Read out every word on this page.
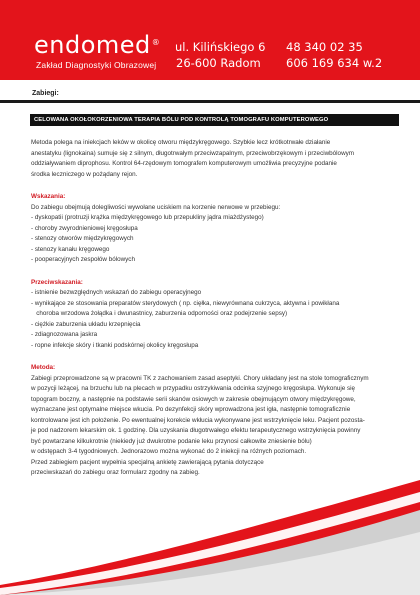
endomed®
Zakład Diagnostyki Obrazowej
ul. Kilińskiego 6
26-600 Radom
48 340 02 35
606 169 634 w.2
Zabiegi:
CELOWANA OKOŁOKORZENIOWA TERAPIA BÓLU POD KONTROLĄ TOMOGRAFU KOMPUTEROWEGO

Metoda polega na iniekcjach leków w okolicę otworu międzykręgowego. Szybkie lecz krótkotrwałe działanie

anestatyku (lignokaina) sumuje się z silnym, długotrwałym przeciwzapalnym, przeciwobrzękowym i przeciwbólowym

oddziaływaniem diprophosu. Kontrol 64-rzędowym tomografem komputerowym umożliwia precyzyjne podanie

środka leczniczego w pożądany rejon.

Wskazania:

Do zabiegu obejmują dolegliwości wywołane uciskiem na korzenie nerwowe w przebiegu:

- dyskopatii (protruzji krążka międzykręgowego lub przepukliny jądra miażdżystego)
- choroby zwyrodnieniowej kręgosłupa
- stenozy otworów międzykręgowych
- stenozy kanału kręgowego
- pooperacyjnych zespołów bólowych

Przeciwskazania:

- istnienie bezwzględnych wskazań do zabiegu operacyjnego
- wynikające ze stosowania preparatów sterydowych ( np. cięłka, niewyrównana cukrzyca, aktywna i powikłana
choroba wrzodowa żołądka i dwunastnicy, zaburzenia odporności oraz podejrzenie sepsy)
- ciężkie zaburzenia układu krzepnięcia
- zdiagnozowana jaskra
- ropne infekcje skóry i tkanki podskórnej okolicy kręgosłupa

Metoda:

Zabiegi przeprowadzone są w pracowni TK z zachowaniem zasad aseptyki. Chory układany jest na stole tomograficznym

w pozycji leżącej, na brzuchu lub na plecach w przypadku ostrzykiwania odcinka szyjnego kręgosłupa. Wykonuje się

topogram boczny, a następnie na podstawie serii skanów osiowych w zakresie obejmującym otwory międzykręgowe,

wyznaczane jest optymalne miejsce wkucia. Po dezynfekcji skóry wprowadzona jest igła, następnie tomograficznie

kontrolowane jest ich położenie. Po ewentualnej korekcie wkłucia wykonywane jest wstrzyknięcie leku. Pacjent pozosta-

je pod nadzorem lekarskim ok. 1 godzinę. Dla uzyskania długotrwałego efektu terapeutycznego wstrzyknięcia powinny

być powtarzane kilkukrotnie (niekiedy już dwukrotne podanie leku przynosi całkowite zniesienie bólu)

w odstępach 3-4 tygodniowych. Jednorazowo można wykonać do 2 iniekcji na różnych poziomach.

Przed zabiegiem pacjent wypełnia specjalną ankietę zawierającą pytania dotyczące

przeciwskazań do zabiegu oraz formularz zgodny na zabieg.
